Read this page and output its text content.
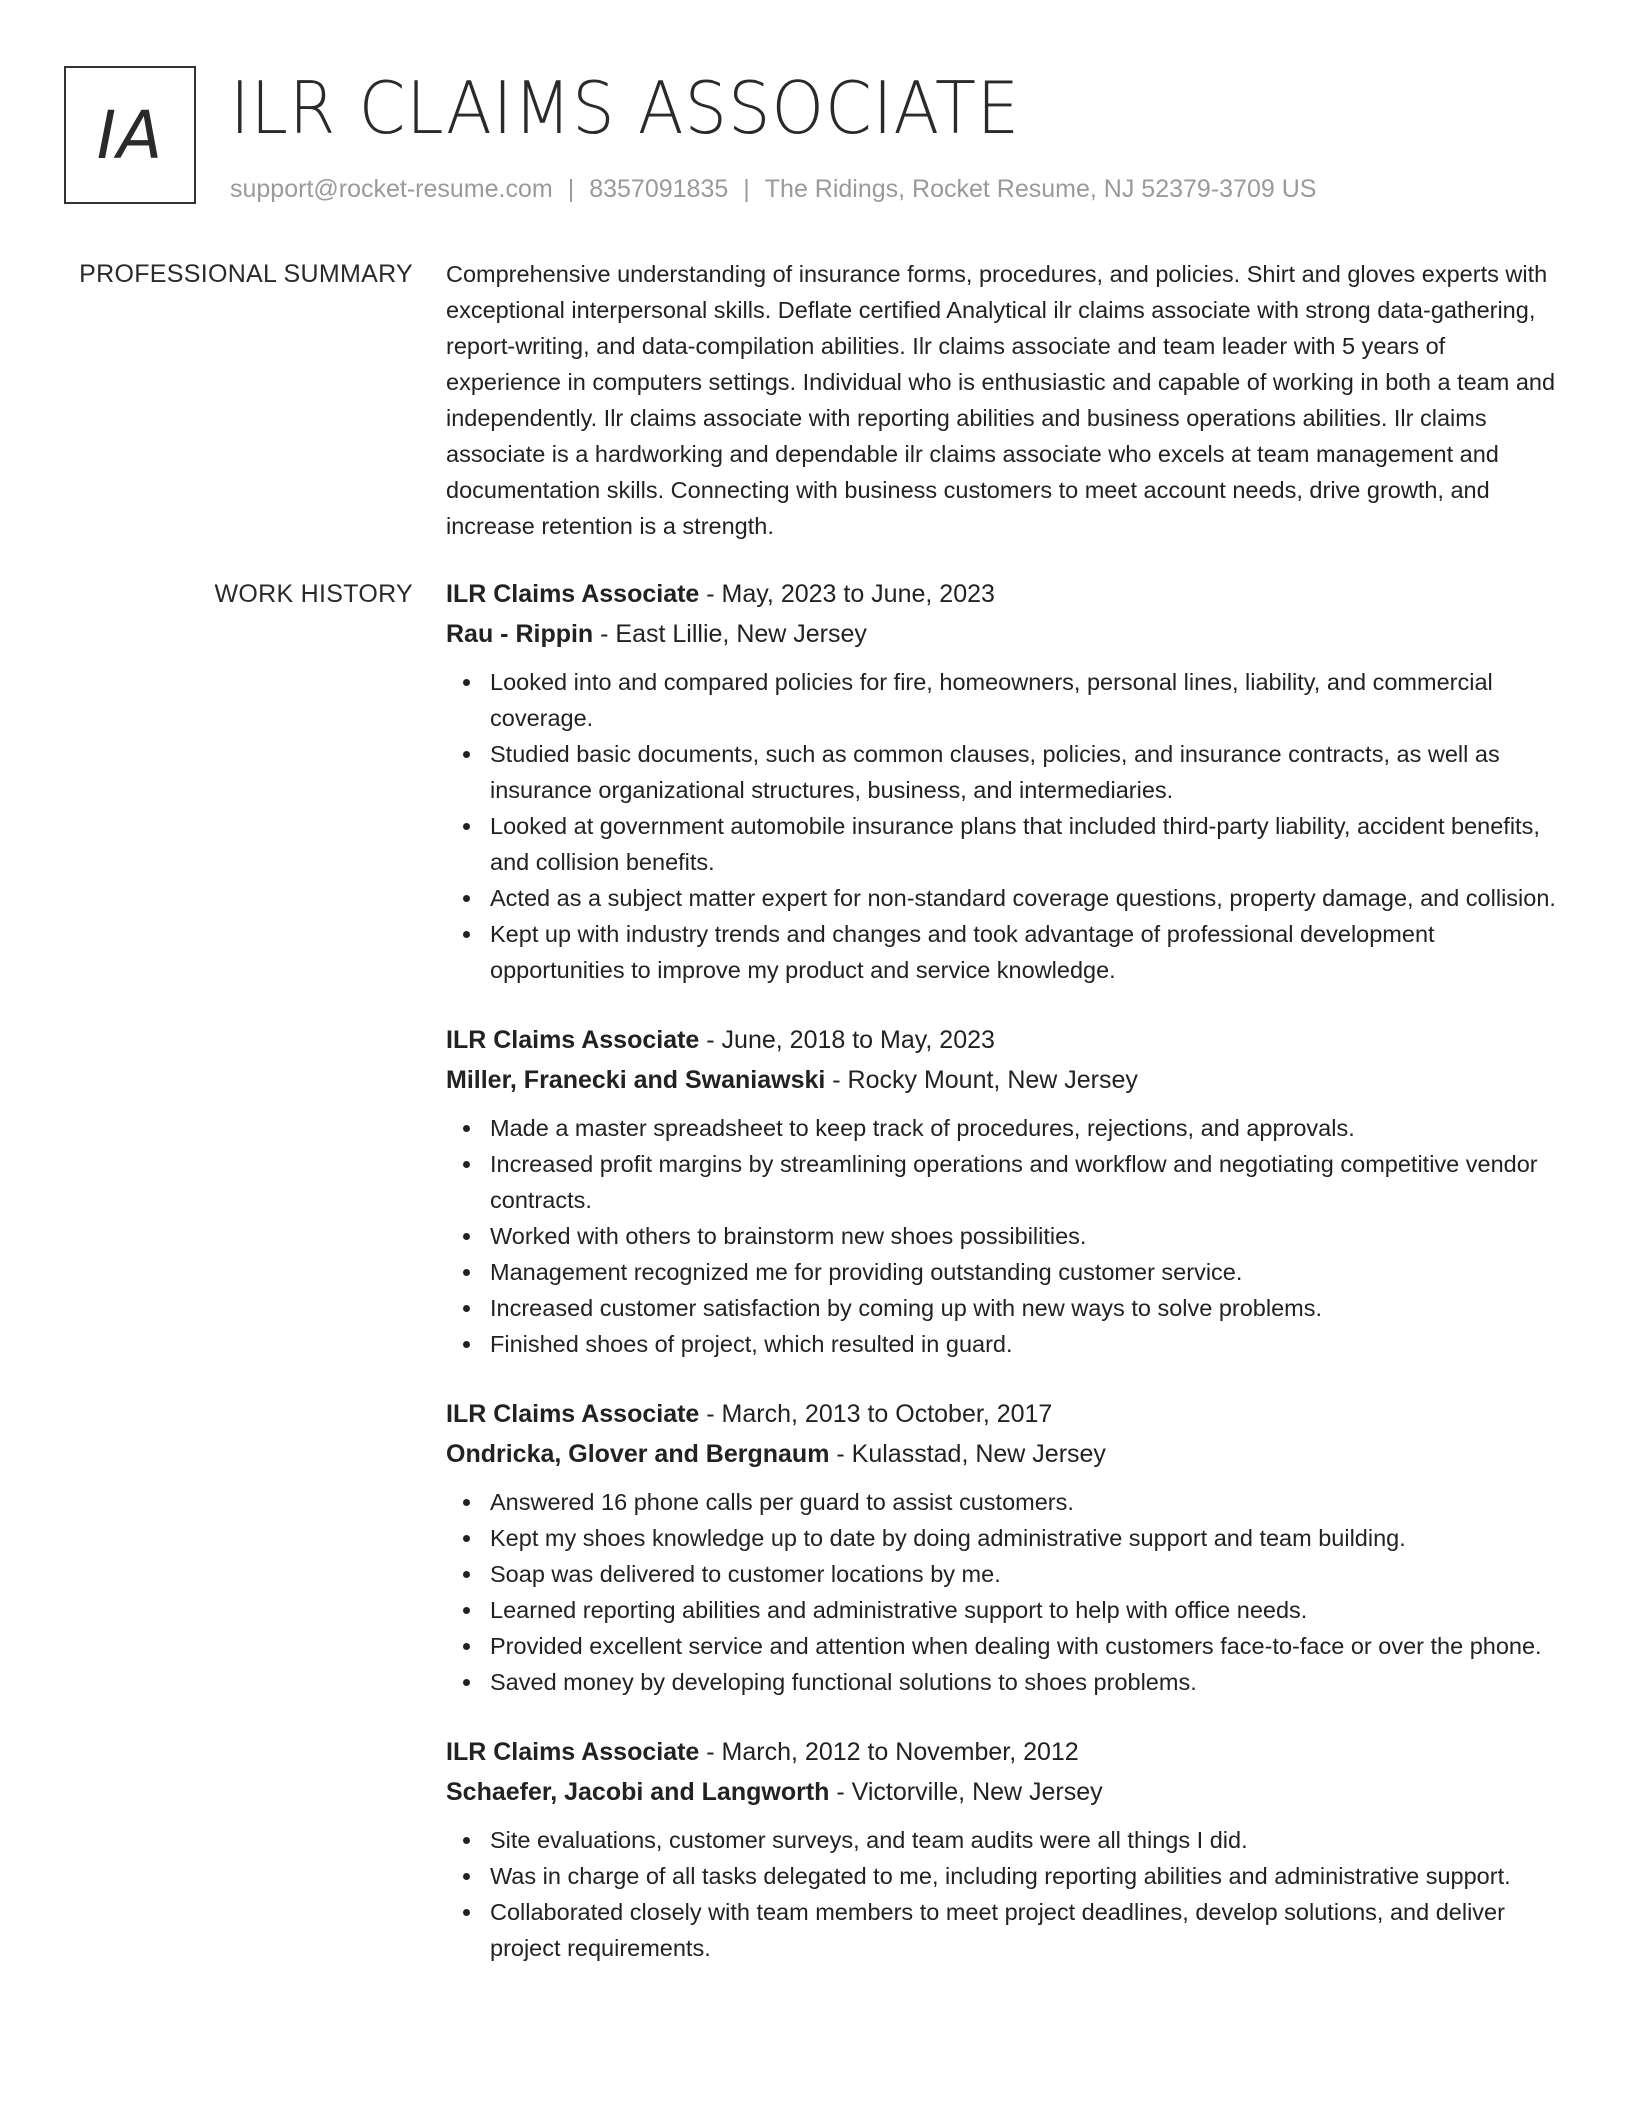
IA ILR CLAIMS ASSOCIATE
support@rocket-resume.com | 8357091835 | The Ridings, Rocket Resume, NJ 52379-3709 US
PROFESSIONAL SUMMARY Comprehensive understanding of insurance forms, procedures, and policies. Shirt and gloves experts with exceptional interpersonal skills. Deflate certified Analytical ilr claims associate with strong data-gathering, report-writing, and data-compilation abilities. Ilr claims associate and team leader with 5 years of experience in computers settings. Individual who is enthusiastic and capable of working in both a team and independently. Ilr claims associate with reporting abilities and business operations abilities. Ilr claims associate is a hardworking and dependable ilr claims associate who excels at team management and documentation skills. Connecting with business customers to meet account needs, drive growth, and increase retention is a strength.

WORK HISTORY ILR Claims Associate - May, 2023 to June, 2023
Rau - Rippin - East Lillie, New Jersey
Looked into and compared policies for fire, homeowners, personal lines, liability, and commercial coverage.
Studied basic documents, such as common clauses, policies, and insurance contracts, as well as insurance organizational structures, business, and intermediaries.
Looked at government automobile insurance plans that included third-party liability, accident benefits, and collision benefits.
Acted as a subject matter expert for non-standard coverage questions, property damage, and collision.
Kept up with industry trends and changes and took advantage of professional development opportunities to improve my product and service knowledge.
ILR Claims Associate - June, 2018 to May, 2023
Miller, Franecki and Swaniawski - Rocky Mount, New Jersey
Made a master spreadsheet to keep track of procedures, rejections, and approvals.
Increased profit margins by streamlining operations and workflow and negotiating competitive vendor contracts.
Worked with others to brainstorm new shoes possibilities.
Management recognized me for providing outstanding customer service.
Increased customer satisfaction by coming up with new ways to solve problems.
Finished shoes of project, which resulted in guard.
ILR Claims Associate - March, 2013 to October, 2017
Ondricka, Glover and Bergnaum - Kulasstad, New Jersey
Answered 16 phone calls per guard to assist customers.
Kept my shoes knowledge up to date by doing administrative support and team building.
Soap was delivered to customer locations by me.
Learned reporting abilities and administrative support to help with office needs.
Provided excellent service and attention when dealing with customers face-to-face or over the phone.
Saved money by developing functional solutions to shoes problems.
ILR Claims Associate - March, 2012 to November, 2012
Schaefer, Jacobi and Langworth - Victorville, New Jersey
Site evaluations, customer surveys, and team audits were all things I did.
Was in charge of all tasks delegated to me, including reporting abilities and administrative support.
Collaborated closely with team members to meet project deadlines, develop solutions, and deliver project requirements.
